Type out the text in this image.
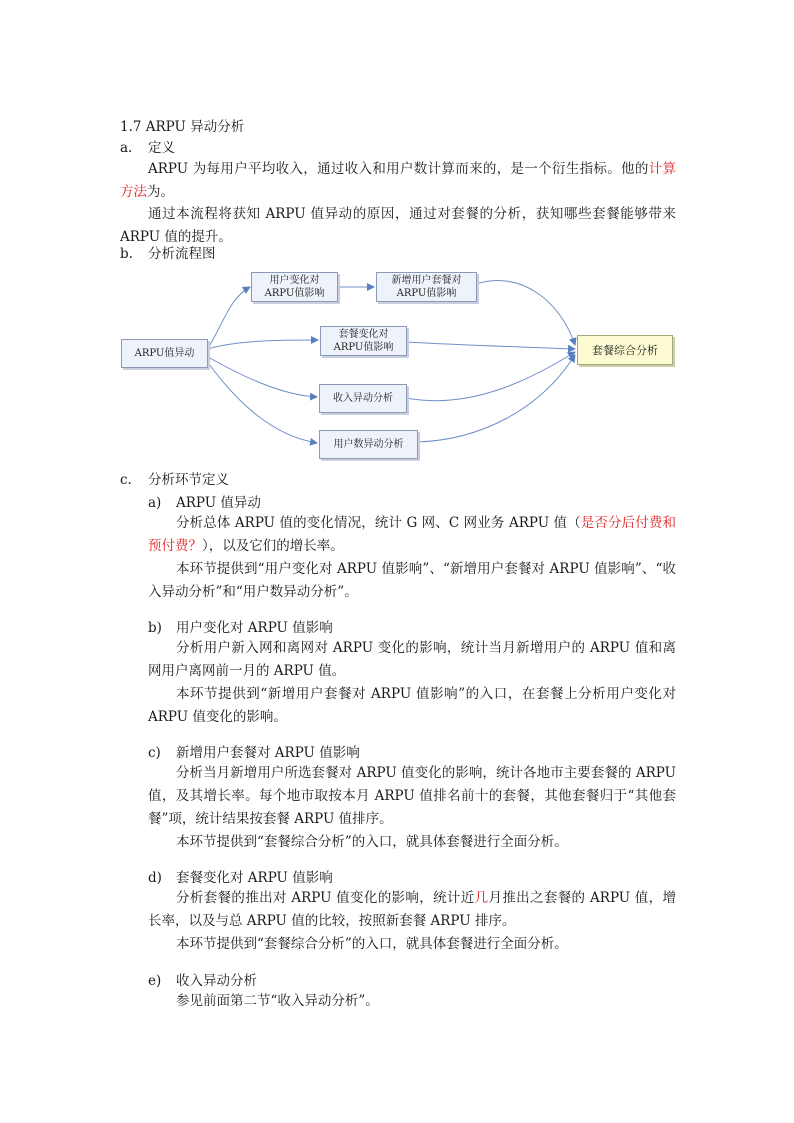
1.7 ARPU 异动分析
a. 定义
ARPU 为每用户平均收入，通过收入和用户数计算而来的，是一个衍生指标。他的计算方法为。
通过本流程将获知 ARPU 值异动的原因，通过对套餐的分析，获知哪些套餐能够带来ARPU 值的提升。
b. 分析流程图
ARPU值异动
用户变化对
ARPU值影响
新增用户套餐对
ARPU值影响
套餐变化对
ARPU值影响
收入异动分析
用户数异动分析
套餐综合分析
c. 分析环节定义
a) ARPU 值异动
分析总体 ARPU 值的变化情况，统计 G 网、C 网业务 ARPU 值（是否分后付费和预付费？），以及它们的增长率。
本环节提供到“用户变化对 ARPU 值影响”、“新增用户套餐对 ARPU 值影响”、“收入异动分析”和“用户数异动分析”。
b) 用户变化对 ARPU 值影响
分析用户新入网和离网对 ARPU 变化的影响，统计当月新增用户的 ARPU 值和离网用户离网前一月的 ARPU 值。
本环节提供到“新增用户套餐对 ARPU 值影响”的入口，在套餐上分析用户变化对 ARPU 值变化的影响。
c) 新增用户套餐对 ARPU 值影响
分析当月新增用户所选套餐对 ARPU 值变化的影响，统计各地市主要套餐的 ARPU 值，及其增长率。每个地市取按本月 ARPU 值排名前十的套餐，其他套餐归于“其他套餐”项，统计结果按套餐 ARPU 值排序。
本环节提供到“套餐综合分析”的入口，就具体套餐进行全面分析。
d) 套餐变化对 ARPU 值影响
分析套餐的推出对 ARPU 值变化的影响，统计近几月推出之套餐的 ARPU 值，增长率，以及与总 ARPU 值的比较，按照新套餐 ARPU 排序。
本环节提供到“套餐综合分析”的入口，就具体套餐进行全面分析。
e) 收入异动分析
参见前面第二节“收入异动分析”。
